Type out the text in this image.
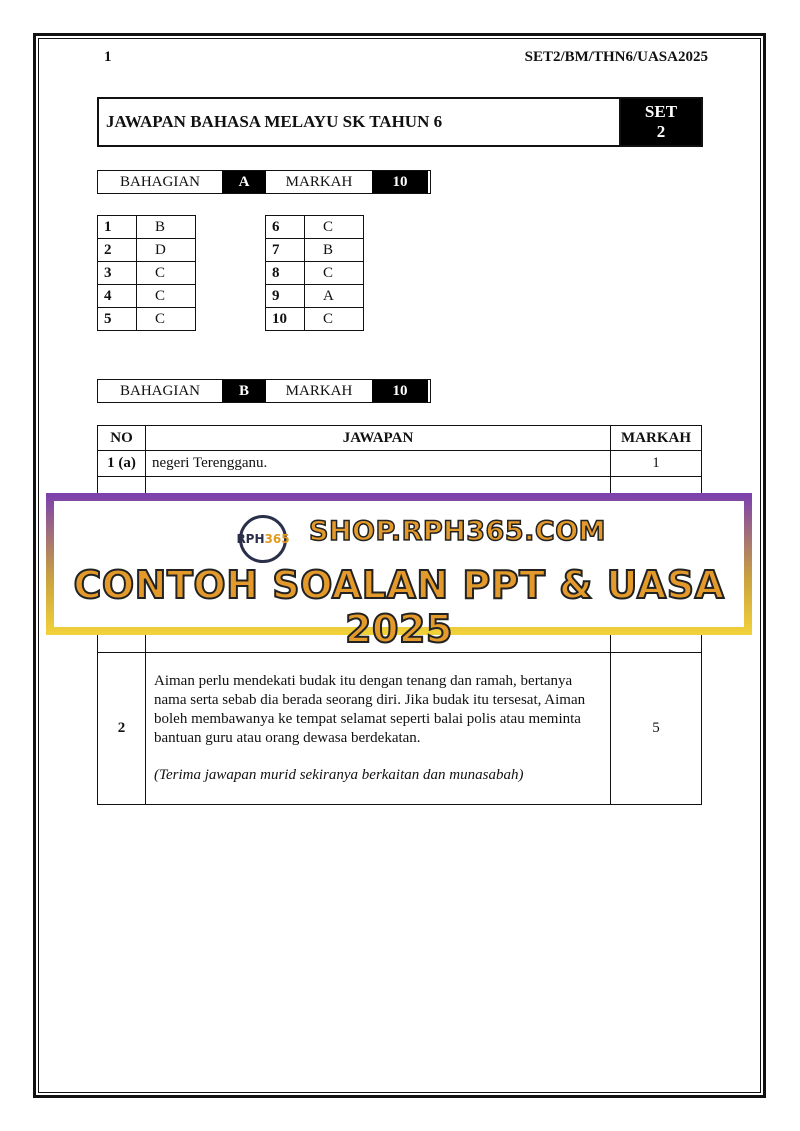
1	SET2/BM/THN6/UASA2025
JAWAPAN BAHASA MELAYU SK TAHUN 6
SET
2
BAHAGIAN	A	MARKAH	10
1	B
2	D
3	C
4	C
5	C
6	C
7	B
8	C
9	A
10	C
BAHAGIAN	B	MARKAH	10
NO	JAWAPAN	MARKAH
1 (a)	negeri Terengganu.	1

2	Aiman perlu mendekati budak itu dengan tenang dan ramah, bertanya nama serta sebab dia berada seorang diri. Jika budak itu tersesat, Aiman boleh membawanya ke tempat selamat seperti balai polis atau meminta bantuan guru atau orang dewasa berdekatan.

(Terima jawapan murid sekiranya berkaitan dan munasabah)	5
RPH 365 SHOP.RPH365.COM
CONTOH SOALAN PPT & UASA 2025
